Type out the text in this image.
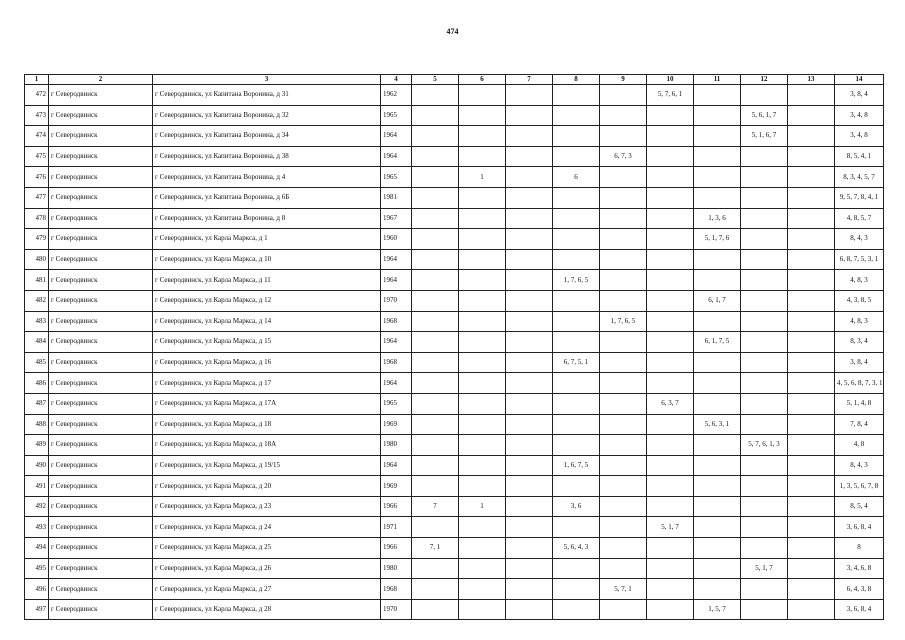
474
1	2	3	4	5	6	7	8	9	10	11	12	13	14
472	г Северодвинск	г Северодвинск, ул Капитана Воронина, д 31	1962						5, 7, 6, 1				3, 8, 4
473	г Северодвинск	г Северодвинск, ул Капитана Воронина, д 32	1965								5, 6, 1, 7		3, 4, 8
474	г Северодвинск	г Северодвинск, ул Капитана Воронина, д 34	1964								5, 1, 6, 7		3, 4, 8
475	г Северодвинск	г Северодвинск, ул Капитана Воронина, д 38	1964					6, 7, 3					8, 5, 4, 1
476	г Северодвинск	г Северодвинск, ул Капитана Воронина, д 4	1965		1		6						8, 3, 4, 5, 7
477	г Северодвинск	г Северодвинск, ул Капитана Воронина, д 6Б	1981										9, 5, 7, 8, 4, 1
478	г Северодвинск	г Северодвинск, ул Капитана Воронина, д 8	1967							1, 3, 6			4, 8, 5, 7
479	г Северодвинск	г Северодвинск, ул Карла Маркса, д 1	1960							5, 1, 7, 6			8, 4, 3
480	г Северодвинск	г Северодвинск, ул Карла Маркса, д 10	1964										6, 8, 7, 5, 3, 1
481	г Северодвинск	г Северодвинск, ул Карла Маркса, д 11	1964				1, 7, 6, 5						4, 8, 3
482	г Северодвинск	г Северодвинск, ул Карла Маркса, д 12	1970							6, 1, 7			4, 3, 8, 5
483	г Северодвинск	г Северодвинск, ул Карла Маркса, д 14	1968					1, 7, 6, 5					4, 8, 3
484	г Северодвинск	г Северодвинск, ул Карла Маркса, д 15	1964							6, 1, 7, 5			8, 3, 4
485	г Северодвинск	г Северодвинск, ул Карла Маркса, д 16	1968				6, 7, 5, 1						3, 8, 4
486	г Северодвинск	г Северодвинск, ул Карла Маркса, д 17	1964										4, 5, 6, 8, 7, 3, 1
487	г Северодвинск	г Северодвинск, ул Карла Маркса, д 17А	1965						6, 3, 7				5, 1, 4, 8
488	г Северодвинск	г Северодвинск, ул Карла Маркса, д 18	1969							5, 6, 3, 1			7, 8, 4
489	г Северодвинск	г Северодвинск, ул Карла Маркса, д 18А	1980								5, 7, 6, 1, 3		4, 8
490	г Северодвинск	г Северодвинск, ул Карла Маркса, д 19/15	1964				1, 6, 7, 5						8, 4, 3
491	г Северодвинск	г Северодвинск, ул Карла Маркса, д 20	1969										1, 3, 5, 6, 7, 8
492	г Северодвинск	г Северодвинск, ул Карла Маркса, д 23	1966	7	1		3, 6						8, 5, 4
493	г Северодвинск	г Северодвинск, ул Карла Маркса, д 24	1971						5, 1, 7				3, 6, 8, 4
494	г Северодвинск	г Северодвинск, ул Карла Маркса, д 25	1966	7, 1			5, 6, 4, 3						8
495	г Северодвинск	г Северодвинск, ул Карла Маркса, д 26	1980								5, 1, 7		3, 4, 6, 8
496	г Северодвинск	г Северодвинск, ул Карла Маркса, д 27	1968					5, 7, 1					6, 4, 3, 8
497	г Северодвинск	г Северодвинск, ул Карла Маркса, д 28	1970							1, 5, 7			3, 6, 8, 4
